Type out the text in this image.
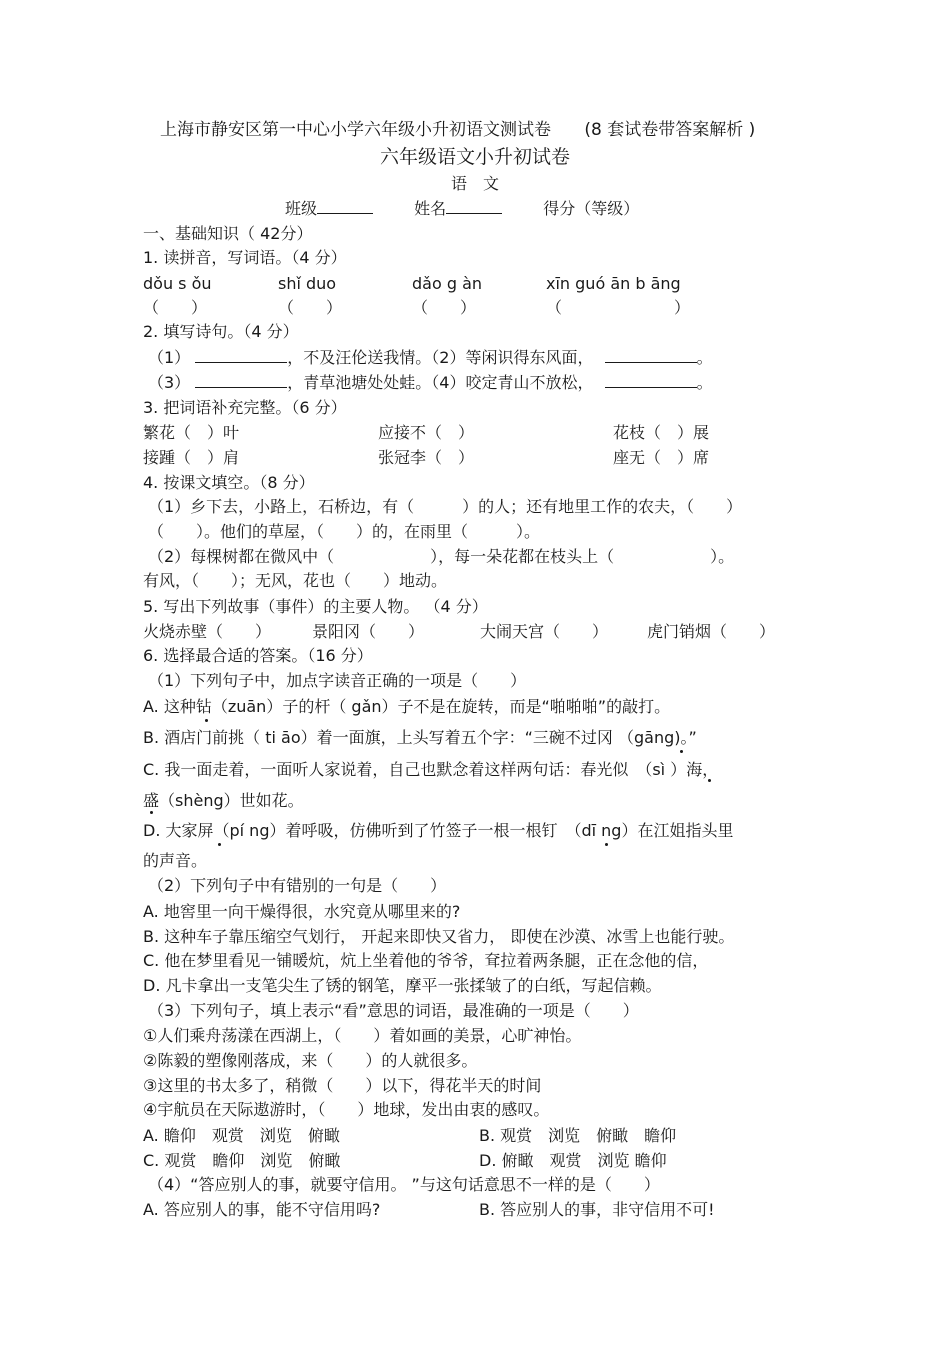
上海市静安区第一中心小学六年级小升初语文测试卷 (8 套试卷带答案解析 )
六年级语文小升初试卷
语　文
班级	姓名	得分（等级）
一、基础知识（ 42分）
1. 读拼音，写词语。（4 分）
dǒu s ǒu	shǐ duo	dǎo g àn	xīn guó ān b āng
（　　）	（　　）	（　　）	（　　　　　　　）
2. 填写诗句。（4 分）
（1）	，不及汪伦送我情。（2）等闲识得东风面，	。
（3）	，青草池塘处处蛙。（4）咬定青山不放松，	。
3. 把词语补充完整。（6 分）
繁花（　）叶	应接不（　）	花枝（　）展
接踵（　）肩	张冠李（　）	座无（　）席
4. 按课文填空。（8 分）
（1）乡下去，小路上，石桥边，有（　　　）的人；还有地里工作的农夫，（　　）
（　　）。他们的草屋，（　　）的，在雨里（　　　）。
（2）每棵树都在微风中（　　　　　　），每一朵花都在枝头上（　　　　　　）。
有风，（　　）；无风，花也（　　）地动。
5. 写出下列故事（事件）的主要人物。 （4 分）
火烧赤壁（　　）	景阳冈（　　）	大闹天宫（　　） 虎门销烟（　　）
6. 选择最合适的答案。（16 分）
（1）下列句子中，加点字读音正确的一项是（　　）
A. 这种钻（zuān）子的杆（ gǎn）子不是在旋转，而是“啪啪啪”的敲打。
B. 酒店门前挑（ ti āo）着一面旗，上头写着五个字：“三碗不过冈 （gāng)。”
C. 我一面走着，一面听人家说着，自己也默念着这样两句话：春光似　（sì ）海，
盛（shèng）世如花。
D. 大家屏（pí ng）着呼吸，仿佛听到了竹签子一根一根钉　（dī ng）在江姐指头里
的声音。
（2）下列句子中有错别的一句是（　　）
A. 地窖里一向干燥得很，水究竟从哪里来的?
B. 这种车子靠压缩空气划行， 开起来即快又省力， 即使在沙漠、冰雪上也能行驶。
C. 他在梦里看见一铺暖炕，炕上坐着他的爷爷，耷拉着两条腿，正在念他的信，
D. 凡卡拿出一支笔尖生了锈的钢笔，摩平一张揉皱了的白纸，写起信赖。
（3）下列句子，填上表示“看”意思的词语，最准确的一项是（　　）
①人们乘舟荡漾在西湖上，（　　）着如画的美景，心旷神怡。
②陈毅的塑像刚落成，来（　　）的人就很多。
③这里的书太多了，稍微（　　）以下，得花半天的时间
④宇航员在天际遨游时，（　　）地球，发出由衷的感叹。
A. 瞻仰　观赏　浏览　俯瞰	B. 观赏　浏览　俯瞰　瞻仰
C. 观赏　瞻仰　浏览　俯瞰	D. 俯瞰　观赏　浏览 瞻仰
（4）“答应别人的事，就要守信用。 ”与这句话意思不一样的是（　　）
A. 答应别人的事，能不守信用吗?	B. 答应别人的事，非守信用不可!
